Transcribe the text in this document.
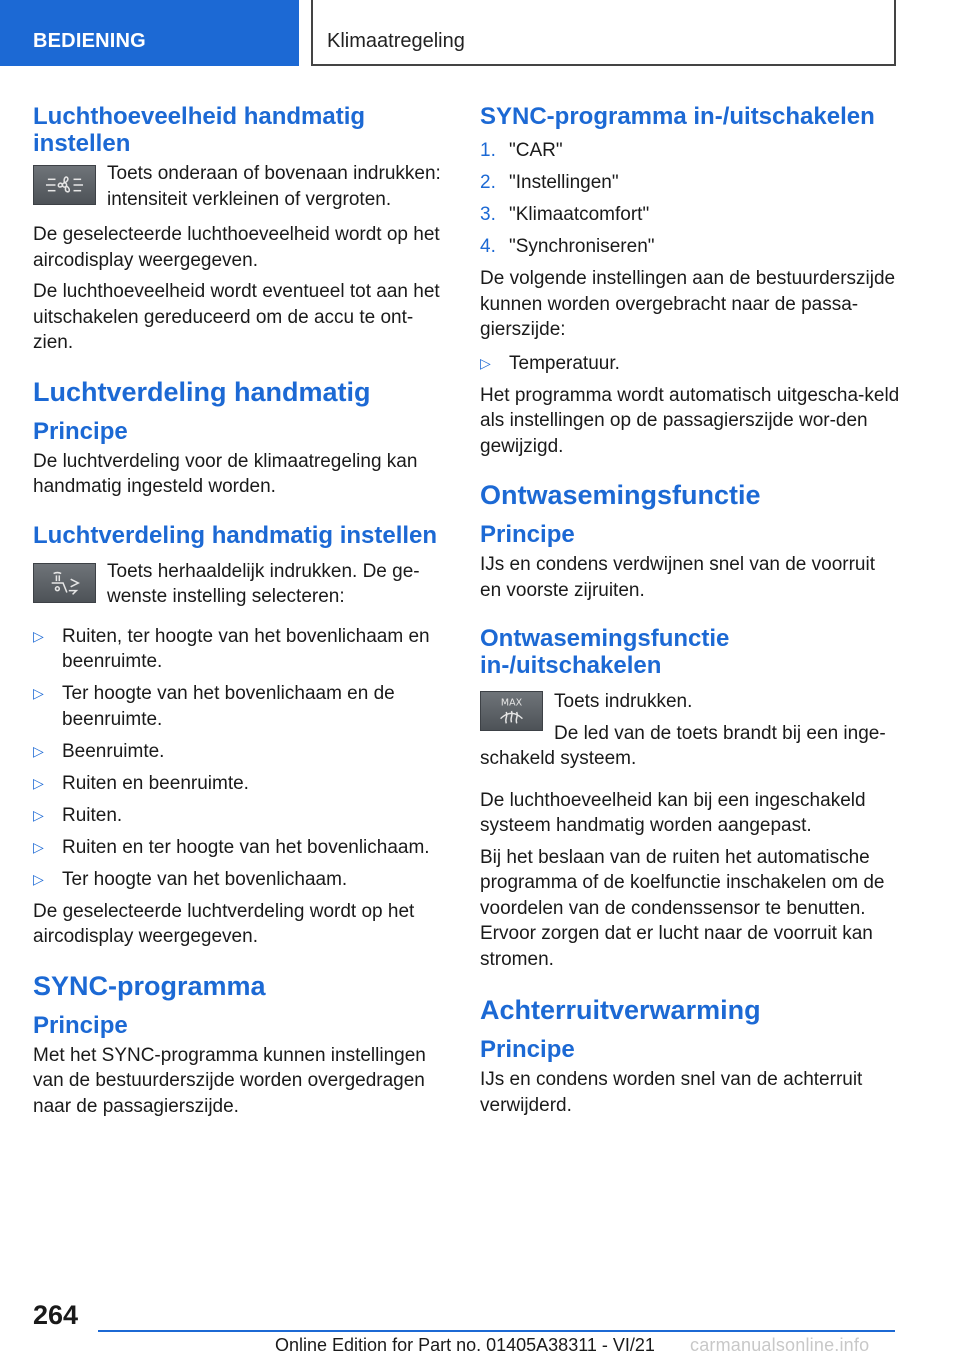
BEDIENING	Klimaatregeling
Luchthoeveelheid handmatig instellen
Toets onderaan of bovenaan indrukken: intensiteit verkleinen of vergroten.

De geselecteerde luchthoeveelheid wordt op het aircodisplay weergegeven.

De luchthoeveelheid wordt eventueel tot aan het uitschakelen gereduceerd om de accu te ont-zien.

Luchtverdeling handmatig
Principe

De luchtverdeling voor de klimaatregeling kan handmatig ingesteld worden.

Luchtverdeling handmatig instellen
Toets herhaaldelijk indrukken. De ge-wenste instelling selecteren:
▷ Ruiten, ter hoogte van het bovenlichaam en beenruimte.
▷ Ter hoogte van het bovenlichaam en de beenruimte.
▷ Beenruimte.
▷ Ruiten en beenruimte.
▷ Ruiten.
▷ Ruiten en ter hoogte van het bovenlichaam.
▷ Ter hoogte van het bovenlichaam.

De geselecteerde luchtverdeling wordt op het aircodisplay weergegeven.

SYNC-programma
Principe

Met het SYNC-programma kunnen instellingen van de bestuurderszijde worden overgedragen naar de passagierszijde.

SYNC-programma in-/uitschakelen
1. "CAR"
2. "Instellingen"
3. "Klimaatcomfort"
4. "Synchroniseren"

De volgende instellingen aan de bestuurderszijde kunnen worden overgebracht naar de passa-gierszijde:

▷ Temperatuur.

Het programma wordt automatisch uitgescha-keld als instellingen op de passagierszijde wor-den gewijzigd.

Ontwasemingsfunctie
Principe

IJs en condens verdwijnen snel van de voorruit en voorste zijruiten.

Ontwasemingsfunctie in-/uitschakelen
MAX	Toets indrukken.

De led van de toets brandt bij een inge-schakeld systeem.

De luchthoeveelheid kan bij een ingeschakeld systeem handmatig worden aangepast.

Bij het beslaan van de ruiten het automatische programma of de koelfunctie inschakelen om de voordelen van de condenssensor te benutten. Ervoor zorgen dat er lucht naar de voorruit kan stromen.

Achterruitverwarming
Principe

IJs en condens worden snel van de achterruit verwijderd.

264
Online Edition for Part no. 01405A38311 - VI/21 carmanualsonline.info
